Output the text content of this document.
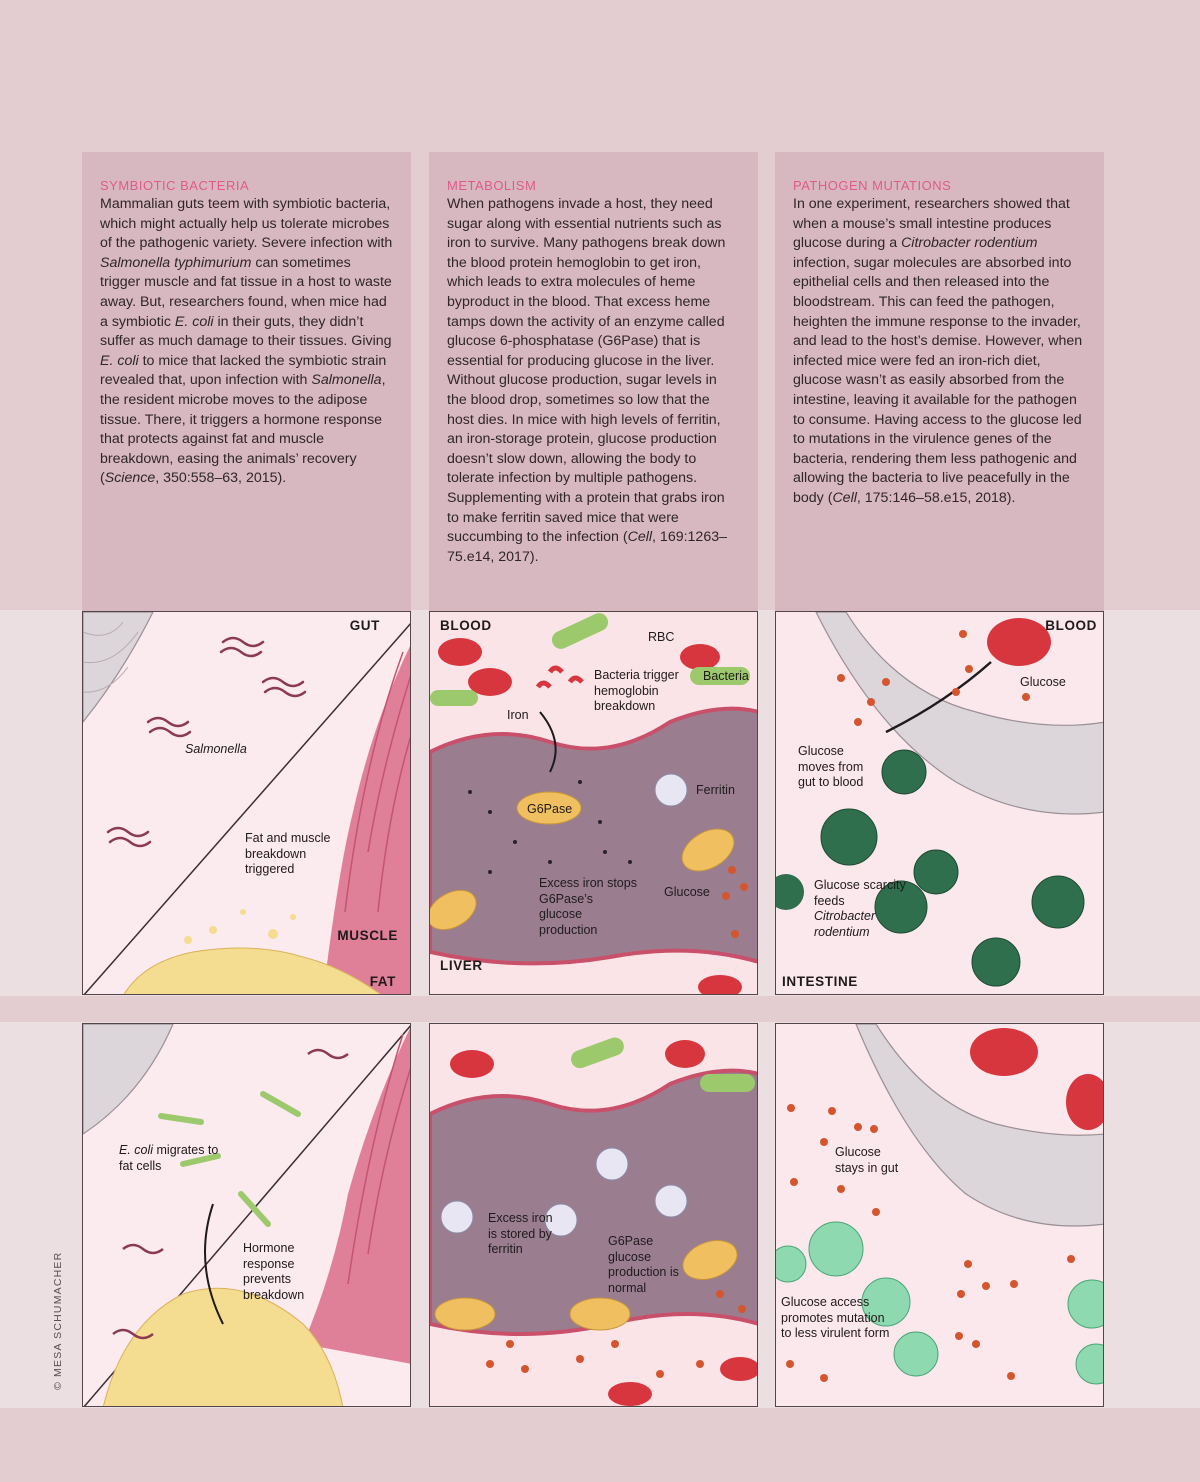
SYMBIOTIC BACTERIA

Mammalian guts teem with symbiotic bacteria, which might actually help us tolerate microbes of the pathogenic variety. Severe infection with Salmonella typhimurium can sometimes trigger muscle and fat tissue in a host to waste away. But, researchers found, when mice had a symbiotic E. coli in their guts, they didn’t suffer as much damage to their tissues. Giving E. coli to mice that lacked the symbiotic strain revealed that, upon infection with Salmonella, the resident microbe moves to the adipose tissue. There, it triggers a hormone response that protects against fat and muscle breakdown, easing the animals’ recovery (Science, 350:558–63, 2015).

METABOLISM

When pathogens invade a host, they need sugar along with essential nutrients such as iron to survive. Many pathogens break down the blood protein hemoglobin to get iron, which leads to extra molecules of heme byproduct in the blood. That excess heme tamps down the activity of an enzyme called glucose 6-phosphatase (G6Pase) that is essential for producing glucose in the liver. Without glucose production, sugar levels in the blood drop, sometimes so low that the host dies. In mice with high levels of ferritin, an iron-storage protein, glucose production doesn’t slow down, allowing the body to tolerate infection by multiple pathogens. Supplementing with a protein that grabs iron to make ferritin saved mice that were succumbing to the infection (Cell, 169:1263–75.e14, 2017).

PATHOGEN MUTATIONS

In one experiment, researchers showed that when a mouse’s small intestine produces glucose during a Citrobacter rodentium infection, sugar molecules are absorbed into epithelial cells and then released into the bloodstream. This can feed the pathogen, heighten the immune response to the invader, and lead to the host’s demise. However, when infected mice were fed an iron-rich diet, glucose wasn’t as easily absorbed from the intestine, leaving it available for the pathogen to consume. Having access to the glucose led to mutations in the virulence genes of the bacteria, rendering them less pathogenic and allowing the bacteria to live peacefully in the body (Cell, 175:146–58.e15, 2018).

GUT
Salmonella
Fat and muscle breakdown triggered
MUSCLE
FAT
BLOOD
RBC
Bacteria trigger hemoglobin breakdown
Bacteria
Iron
G6Pase
Ferritin
Excess iron stops G6Pase’s glucose production
Glucose
LIVER
BLOOD
Glucose
Glucose moves from gut to blood
Glucose scarcity feeds
Citrobacter rodentium
INTESTINE
E. coli migrates to fat cells
Hormone response prevents breakdown
Excess iron is stored by ferritin
G6Pase glucose production is normal
Glucose stays in gut
Glucose access promotes mutation to less virulent form
© MESA SCHUMACHER
